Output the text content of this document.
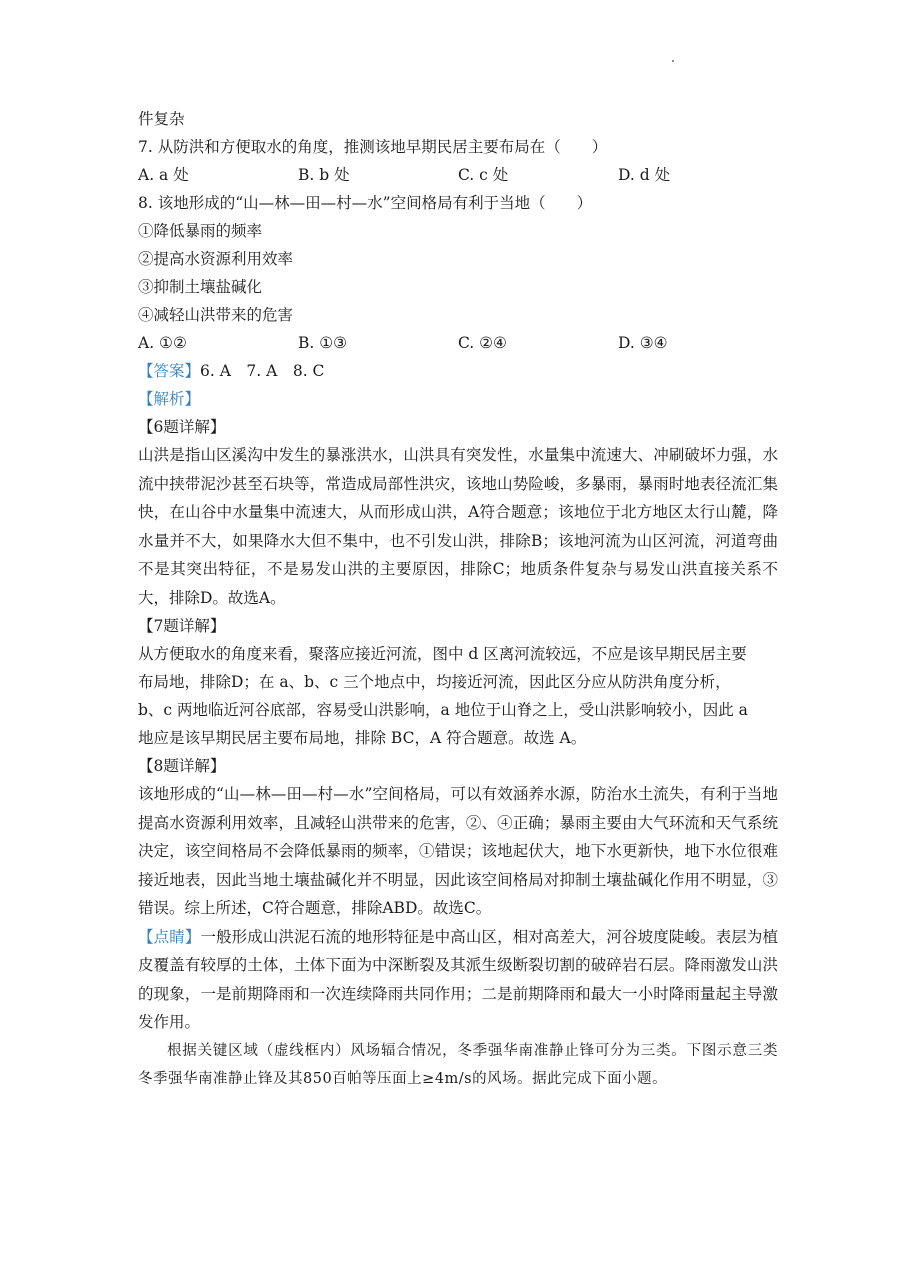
件复杂
7. 从防洪和方便取水的角度，推测该地早期民居主要布局在（　　）
A. a 处	B. b 处	C. c 处	D. d 处
8. 该地形成的“山—林—田—村—水”空间格局有利于当地（　　）
①降低暴雨的频率
②提高水资源利用效率
③抑制土壤盐碱化
④减轻山洪带来的危害
A. ①②	B. ①③	C. ②④	D. ③④
【答案】6. A　7. A　8. C
【解析】
【6题详解】
山洪是指山区溪沟中发生的暴涨洪水，山洪具有突发性，水量集中流速大、冲刷破坏力强，水流中挟带泥沙甚至石块等，常造成局部性洪灾，该地山势险峻，多暴雨，暴雨时地表径流汇集快，在山谷中水量集中流速大，从而形成山洪，A符合题意；该地位于北方地区太行山麓，降水量并不大，如果降水大但不集中，也不引发山洪，排除B；该地河流为山区河流，河道弯曲不是其突出特征，不是易发山洪的主要原因，排除C；地质条件复杂与易发山洪直接关系不大，排除D。故选A。
【7题详解】
从方便取水的角度来看，聚落应接近河流，图中 d 区离河流较远，不应是该早期民居主要
布局地，排除D；在 a、b、c 三个地点中，均接近河流，因此区分应从防洪角度分析，
b、c 两地临近河谷底部，容易受山洪影响，a 地位于山脊之上，受山洪影响较小，因此 a
地应是该早期民居主要布局地，排除 BC，A 符合题意。故选 A。
【8题详解】
该地形成的“山—林—田—村—水”空间格局，可以有效涵养水源，防治水土流失，有利于当地提高水资源利用效率，且减轻山洪带来的危害，②、④正确；暴雨主要由大气环流和天气系统决定，该空间格局不会降低暴雨的频率，①错误；该地起伏大，地下水更新快，地下水位很难接近地表，因此当地土壤盐碱化并不明显，因此该空间格局对抑制土壤盐碱化作用不明显，③错误。综上所述，C符合题意，排除ABD。故选C。
【点睛】一般形成山洪泥石流的地形特征是中高山区，相对高差大，河谷坡度陡峻。表层为植皮覆盖有较厚的土体，土体下面为中深断裂及其派生级断裂切割的破碎岩石层。降雨激发山洪的现象，一是前期降雨和一次连续降雨共同作用；二是前期降雨和最大一小时降雨量起主导激发作用。
根据关键区域（虚线框内）风场辐合情况，冬季强华南准静止锋可分为三类。下图示意三类冬季强华南准静止锋及其850百帕等压面上≥4m/s的风场。据此完成下面小题。
